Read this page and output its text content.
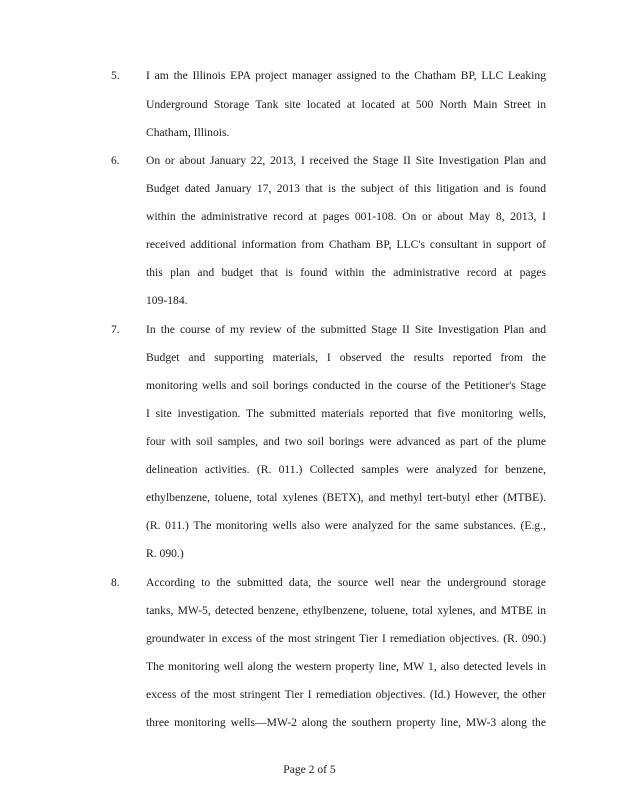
5. I am the Illinois EPA project manager assigned to the Chatham BP, LLC Leaking
Underground Storage Tank site located at located at 500 North Main Street in
Chatham, Illinois.
6. On or about January 22, 2013, I received the Stage II Site Investigation Plan and
Budget dated January 17, 2013 that is the subject of this litigation and is found
within the administrative record at pages 001-108. On or about May 8, 2013, I
received additional information from Chatham BP, LLC's consultant in support of
this plan and budget that is found within the administrative record at pages
109-184.
7. In the course of my review of the submitted Stage II Site Investigation Plan and
Budget and supporting materials, I observed the results reported from the
monitoring wells and soil borings conducted in the course of the Petitioner's Stage
I site investigation. The submitted materials reported that five monitoring wells,
four with soil samples, and two soil borings were advanced as part of the plume
delineation activities. (R. 011.) Collected samples were analyzed for benzene,
ethylbenzene, toluene, total xylenes (BETX), and methyl tert-butyl ether (MTBE).
(R. 011.) The monitoring wells also were analyzed for the same substances. (E.g.,
R. 090.)
8. According to the submitted data, the source well near the underground storage
tanks, MW-5, detected benzene, ethylbenzene, toluene, total xylenes, and MTBE in
groundwater in excess of the most stringent Tier I remediation objectives. (R. 090.)
The monitoring well along the western property line, MW 1, also detected levels in
excess of the most stringent Tier I remediation objectives. (Id.) However, the other
three monitoring wells—MW-2 along the southern property line, MW-3 along the
Page 2 of 5
